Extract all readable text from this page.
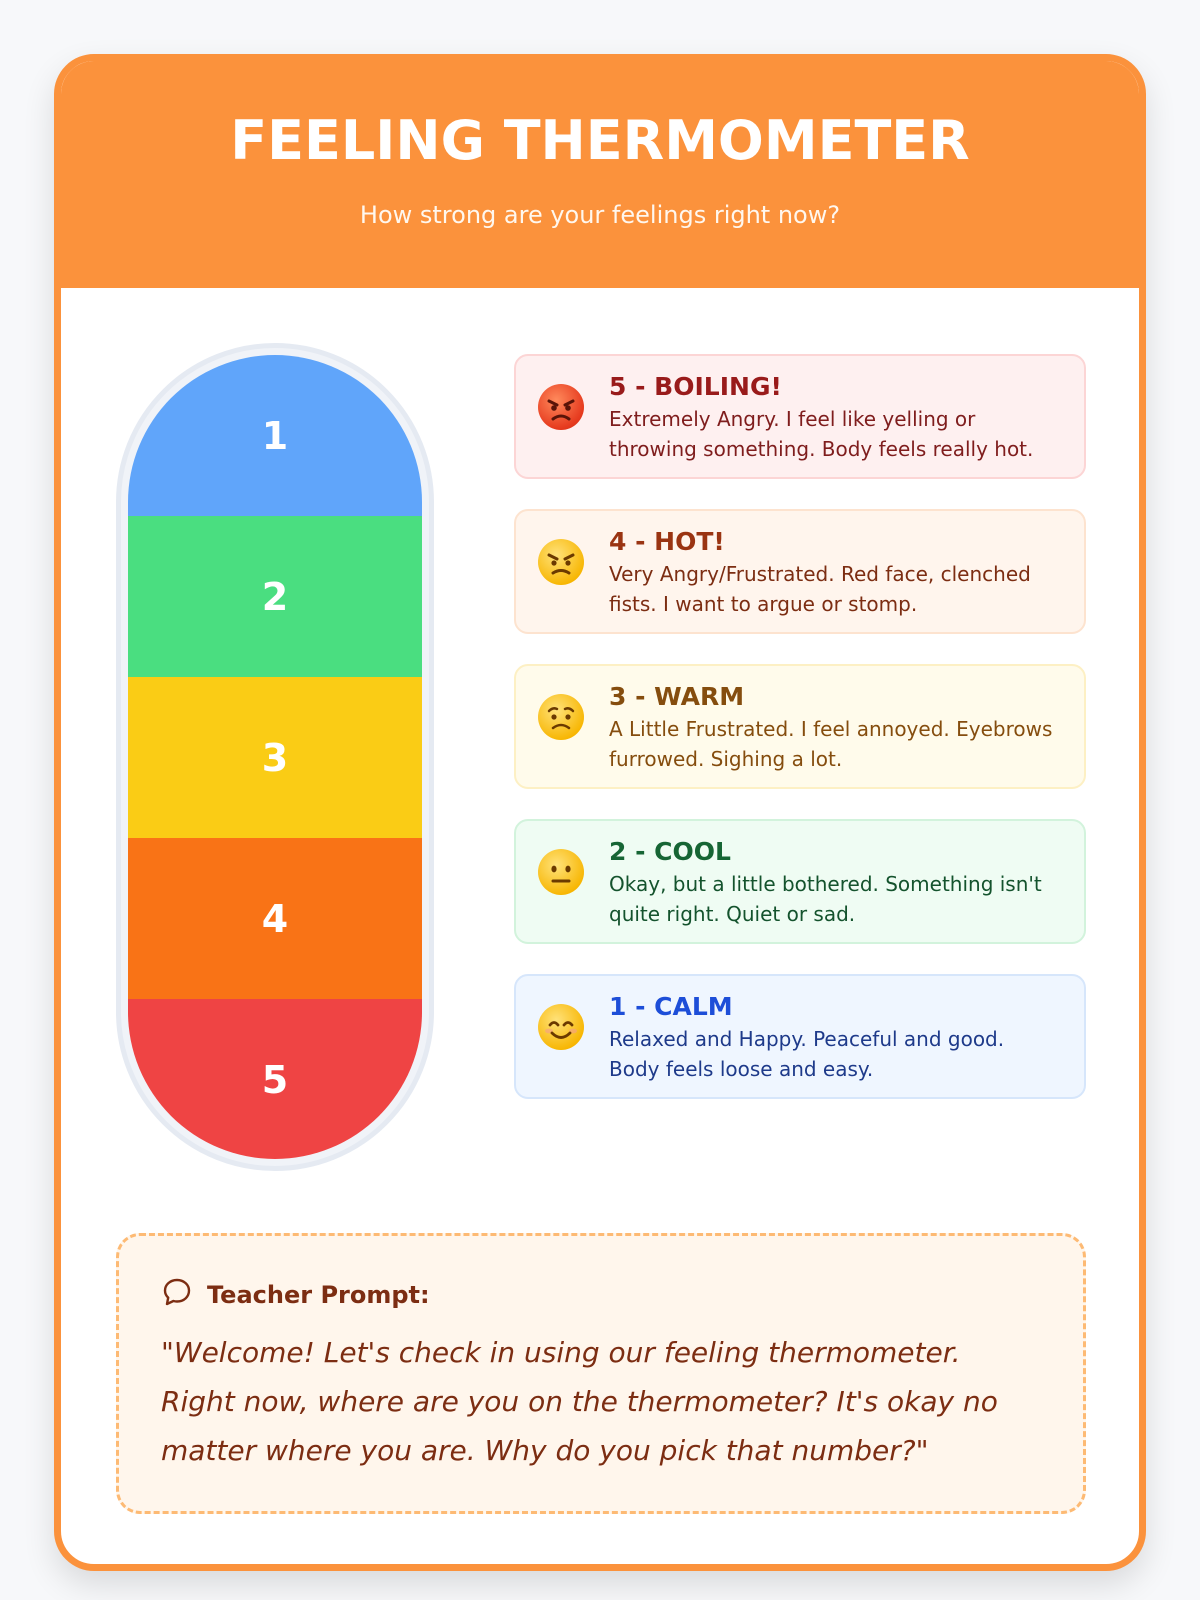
FEELING THERMOMETER
How strong are your feelings right now?
1
2
3
4
5
5 - BOILING!
Extremely Angry. I feel like yelling or throwing something. Body feels really hot.
4 - HOT!
Very Angry/Frustrated. Red face, clenched fists. I want to argue or stomp.
3 - WARM
A Little Frustrated. I feel annoyed. Eyebrows furrowed. Sighing a lot.
2 - COOL
Okay, but a little bothered. Something isn't quite right. Quiet or sad.
1 - CALM
Relaxed and Happy. Peaceful and good. Body feels loose and easy.
Teacher Prompt:
"Welcome! Let's check in using our feeling thermometer. Right now, where are you on the thermometer? It's okay no matter where you are. Why do you pick that number?"
